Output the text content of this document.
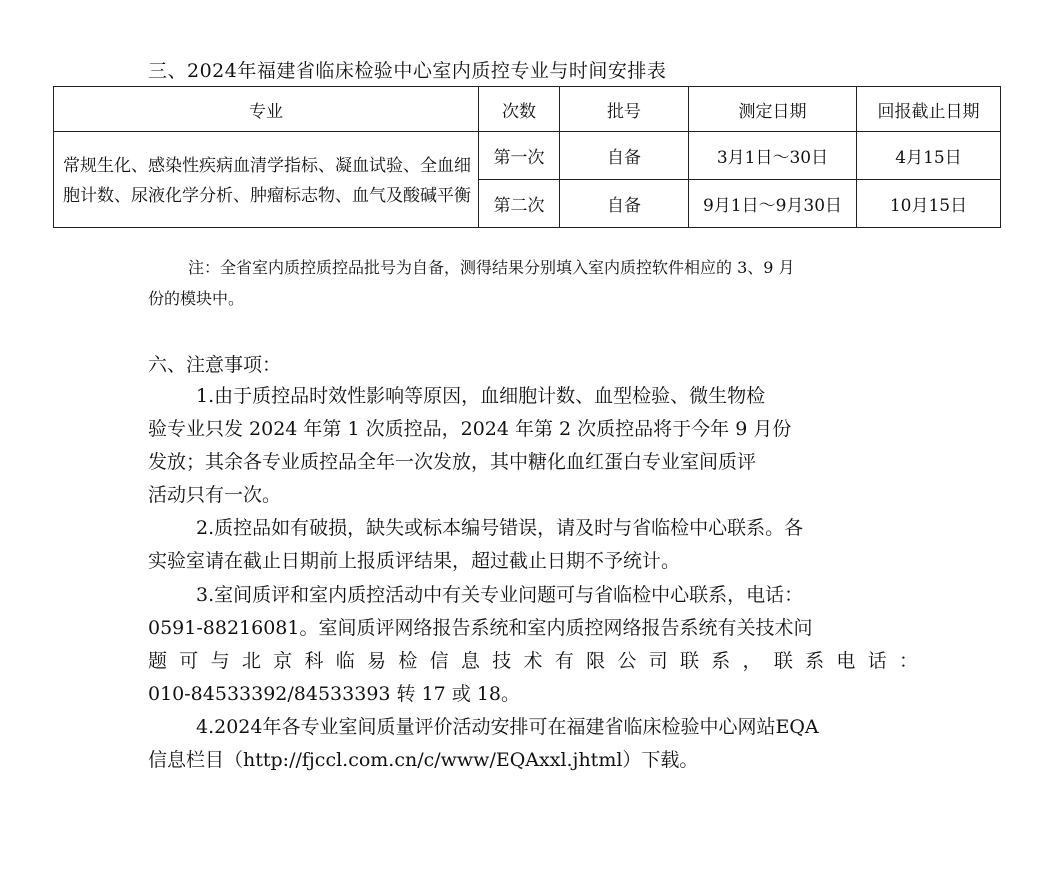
三、2024年福建省临床检验中心室内质控专业与时间安排表
专业	次数	批号	测定日期	回报截止日期
常规生化、感染性疾病血清学指标、凝血试验、全血细胞计数、尿液化学分析、肿瘤标志物、血气及酸碱平衡	第一次	自备	3月1日～30日	4月15日
	第二次	自备	9月1日～9月30日	10月15日
注：全省室内质控质控品批号为自备，测得结果分别填入室内质控软件相应的 3、9 月
份的模块中。
六、注意事项：
1.由于质控品时效性影响等原因，血细胞计数、血型检验、微生物检
验专业只发 2024 年第 1 次质控品，2024 年第 2 次质控品将于今年 9 月份
发放；其余各专业质控品全年一次发放，其中糖化血红蛋白专业室间质评
活动只有一次。
2.质控品如有破损，缺失或标本编号错误，请及时与省临检中心联系。各
实验室请在截止日期前上报质评结果，超过截止日期不予统计。
3.室间质评和室内质控活动中有关专业问题可与省临检中心联系，电话：
0591-88216081。室间质评网络报告系统和室内质控网络报告系统有关技术问
题可与北京科临易检信息技术有限公司联系，联系电话：
010-84533392/84533393 转 17 或 18。
4.2024年各专业室间质量评价活动安排可在福建省临床检验中心网站EQA
信息栏目（http://fjccl.com.cn/c/www/EQAxxl.jhtml）下载。
